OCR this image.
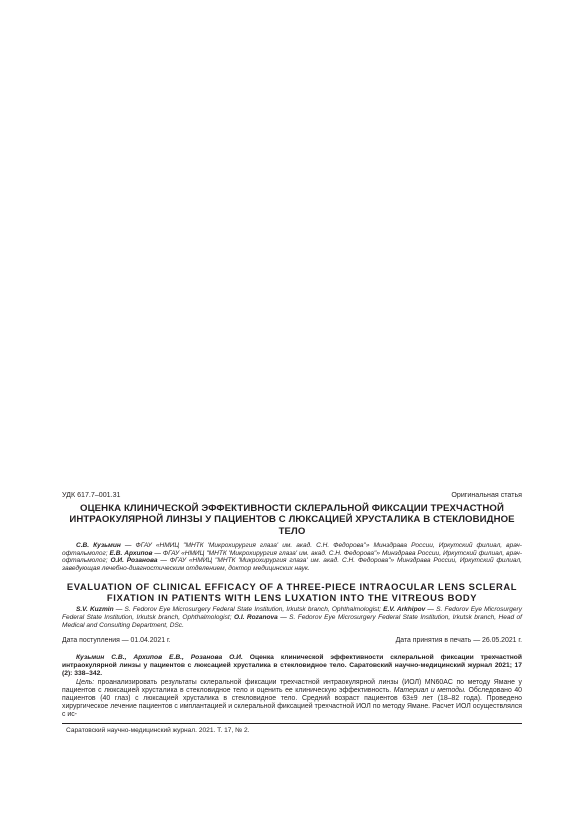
УДК 617.7–001.31	Оригинальная статья
ОЦЕНКА КЛИНИЧЕСКОЙ ЭФФЕКТИВНОСТИ СКЛЕРАЛЬНОЙ ФИКСАЦИИ ТРЕХЧАСТНОЙ ИНТРАОКУЛЯРНОЙ ЛИНЗЫ У ПАЦИЕНТОВ С ЛЮКСАЦИЕЙ ХРУСТАЛИКА В СТЕКЛОВИДНОЕ ТЕЛО
С.В. Кузьмин — ФГАУ «НМИЦ "МНТК 'Микрохирургия глаза' им. акад. С.Н. Федорова"» Минздрава России, Иркутский филиал, врач-офтальмолог; Е.В. Архипов — ФГАУ «НМИЦ "МНТК 'Микрохирургия глаза' им. акад. С.Н. Федорова"» Минздрава России, Иркутский филиал, врач-офтальмолог; О.И. Розанова — ФГАУ «НМИЦ "МНТК 'Микрохирургия глаза' им. акад. С.Н. Федорова"» Минздрава России, Иркутский филиал, заведующая лечебно-диагностическим отделением, доктор медицинских наук.
EVALUATION OF CLINICAL EFFICACY OF A THREE-PIECE INTRAOCULAR LENS SCLERAL FIXATION IN PATIENTS WITH LENS LUXATION INTO THE VITREOUS BODY
S.V. Kuzmin — S. Fedorov Eye Microsurgery Federal State Institution, Irkutsk branch, Ophthalmologist; E.V. Arkhipov — S. Fedorov Eye Microsurgery Federal State Institution, Irkutsk branch, Ophthalmologist; O.I. Rozanova — S. Fedorov Eye Microsurgery Federal State Institution, Irkutsk branch, Head of Medical and Consulting Department, DSc.
Дата поступления — 01.04.2021 г.	Дата принятия в печать — 26.05.2021 г.
Кузьмин С.В., Архипов Е.В., Розанова О.И. Оценка клинической эффективности склеральной фиксации трехчастной интраокулярной линзы у пациентов с люксацией хрусталика в стекловидное тело. Саратовский научно-медицинский журнал 2021; 17 (2): 338–342.
Цель: проанализировать результаты склеральной фиксации трехчастной интраокулярной линзы (ИОЛ) MN60AC по методу Ямане у пациентов с люксацией хрусталика в стекловидное тело и оценить ее клиническую эффективность. Материал и методы. Обследовано 40 пациентов (40 глаз) с люксацией хрусталика в стекловидное тело. Средний возраст пациентов 63±9 лет (18–82 года). Проведено хирургическое лечение пациентов с имплантацией и склеральной фиксацией трехчастной ИОЛ по методу Ямане. Расчет ИОЛ осуществлялся с ис-
Саратовский научно-медицинский журнал. 2021. Т. 17, № 2.
